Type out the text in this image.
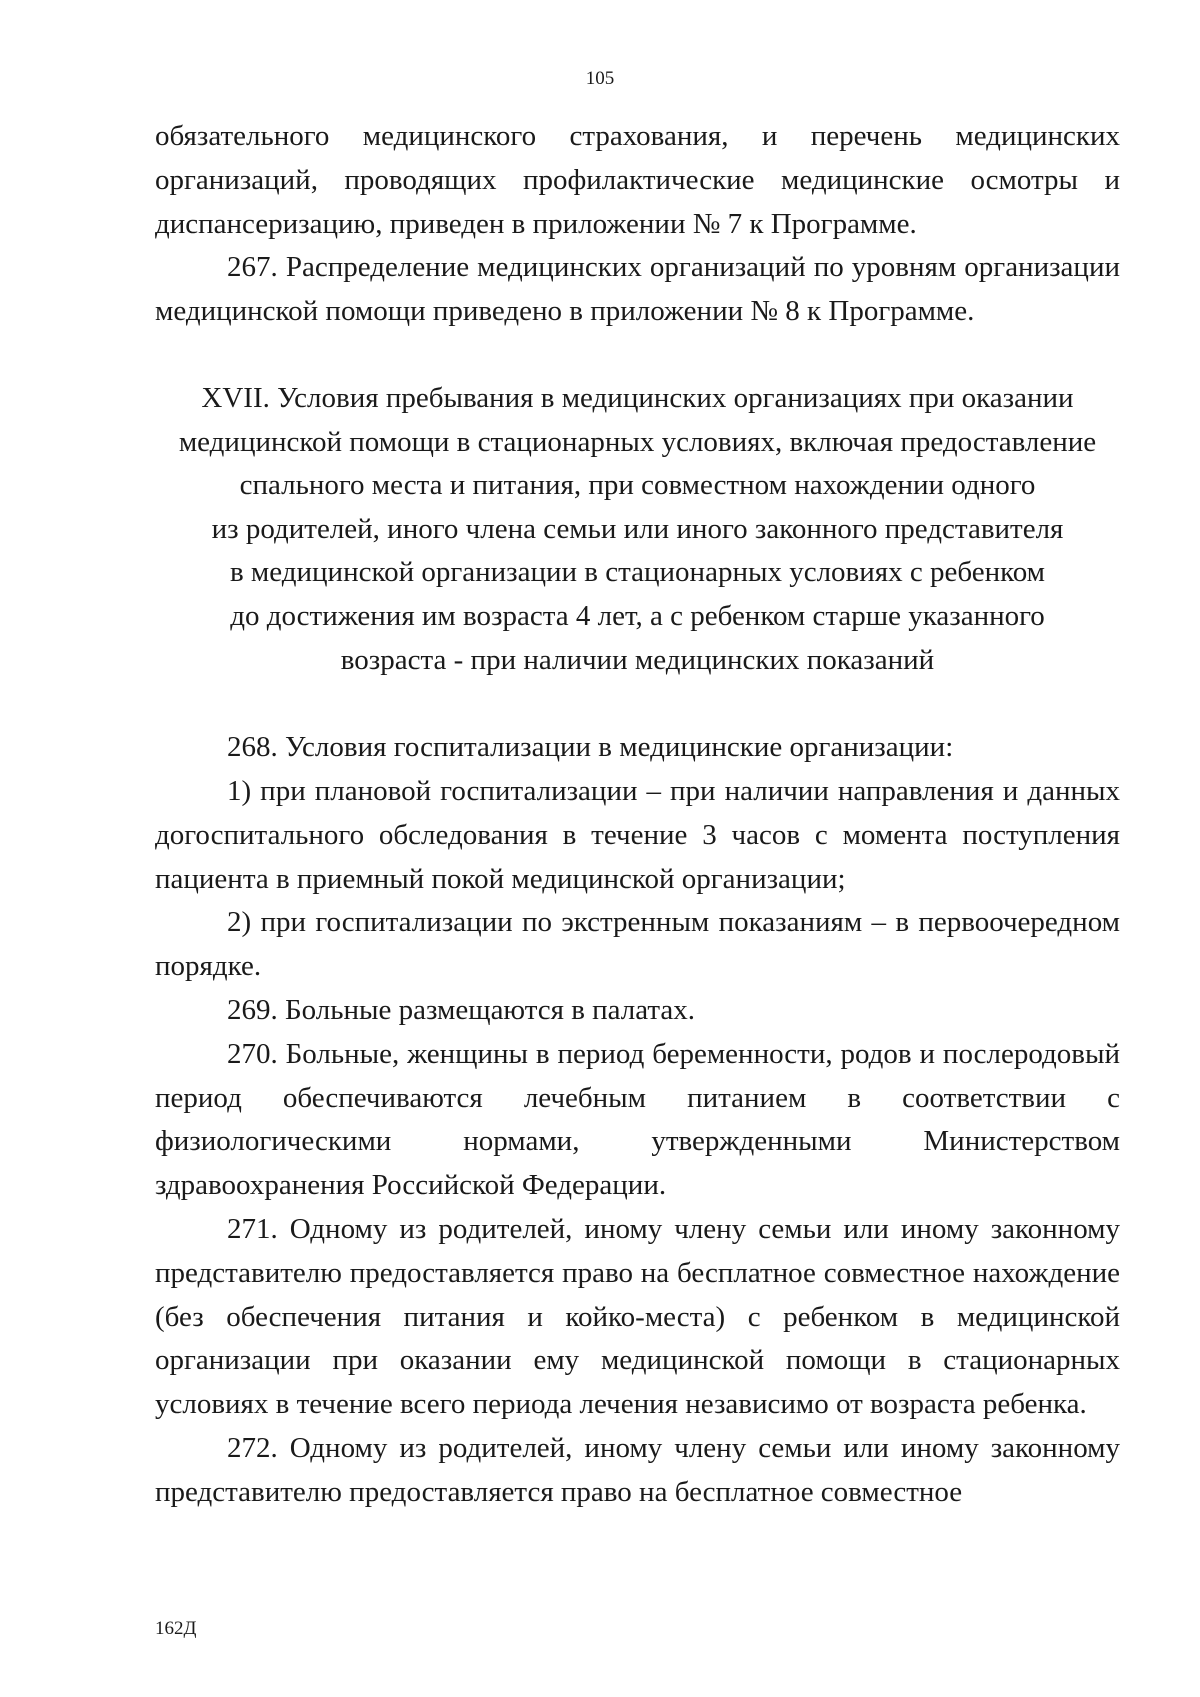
105

обязательного медицинского страхования, и перечень медицинских организаций, проводящих профилактические медицинские осмотры и диспансеризацию, приведен в приложении № 7 к Программе.

267. Распределение медицинских организаций по уровням организации медицинской помощи приведено в приложении № 8 к Программе.

XVII. Условия пребывания в медицинских организациях при оказании
медицинской помощи в стационарных условиях, включая предоставление
спального места и питания, при совместном нахождении одного
из родителей, иного члена семьи или иного законного представителя
в медицинской организации в стационарных условиях с ребенком
до достижения им возраста 4 лет, а с ребенком старше указанного
возраста - при наличии медицинских показаний

268. Условия госпитализации в медицинские организации:

1) при плановой госпитализации – при наличии направления и данных догоспитального обследования в течение 3 часов с момента поступления пациента в приемный покой медицинской организации;

2) при госпитализации по экстренным показаниям – в первоочередном порядке.

269. Больные размещаются в палатах.

270. Больные, женщины в период беременности, родов и послеродовый период обеспечиваются лечебным питанием в соответствии с физиологическими нормами, утвержденными Министерством здравоохранения Российской Федерации.

271. Одному из родителей, иному члену семьи или иному законному представителю предоставляется право на бесплатное совместное нахождение (без обеспечения питания и койко-места) с ребенком в медицинской организации при оказании ему медицинской помощи в стационарных условиях в течение всего периода лечения независимо от возраста ребенка.

272. Одному из родителей, иному члену семьи или иному законному представителю предоставляется право на бесплатное совместное

162Д
